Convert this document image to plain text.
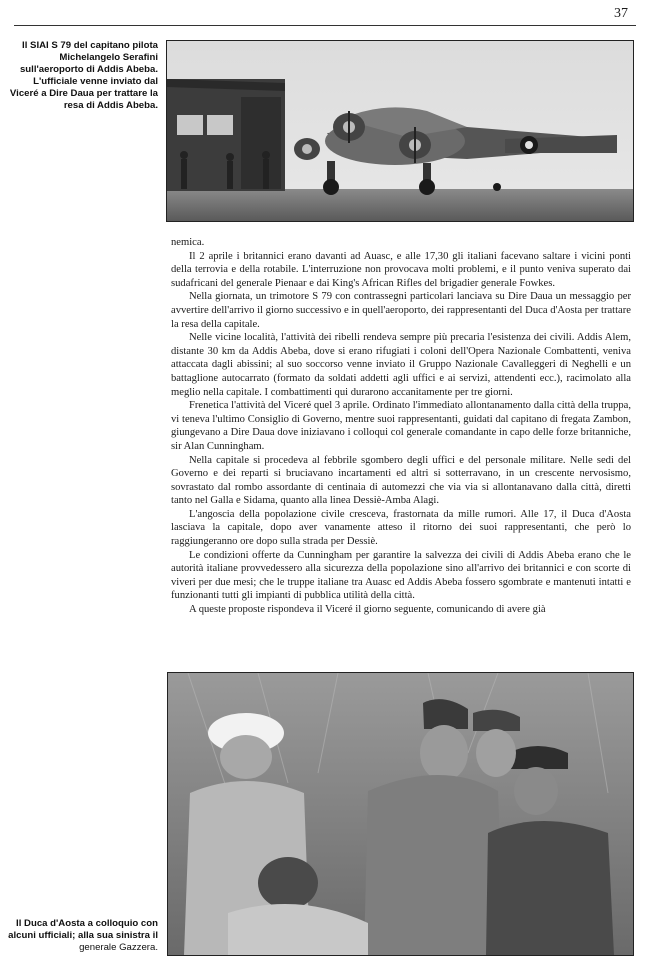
37
Il SIAI S 79 del capitano pilota Michelangelo Serafini sull'aeroporto di Addis Abeba. L'ufficiale venne inviato dal Viceré a Dire Daua per trattare la resa di Addis Abeba.

nemica.

Il 2 aprile i britannici erano davanti ad Auasc, e alle 17,30 gli italiani facevano saltare i vicini ponti della terrovia e della rotabile. L'interruzione non provocava molti problemi, e il punto veniva superato dai sudafricani del generale Pienaar e dai King's African Rifles del brigadier generale Fowkes.

Nella giornata, un trimotore S 79 con contrassegni particolari lanciava su Dire Daua un messaggio per avvertire dell'arrivo il giorno successivo e in quell'aeroporto, dei rappresentanti del Duca d'Aosta per trattare la resa della capitale.

Nelle vicine località, l'attività dei ribelli rendeva sempre più precaria l'esistenza dei civili. Addis Alem, distante 30 km da Addis Abeba, dove si erano rifugiati i coloni dell'Opera Nazionale Combattenti, veniva attaccata dagli abissini; al suo soccorso venne inviato il Gruppo Nazionale Cavalleggeri di Neghelli e un battaglione autocarrato (formato da soldati addetti agli uffici e ai servizi, attendenti ecc.), racimolato alla meglio nella capitale. I combattimenti qui durarono accanitamente per tre giorni.

Frenetica l'attività del Viceré quel 3 aprile. Ordinato l'immediato allontanamento dalla città della truppa, vi teneva l'ultimo Consiglio di Governo, mentre suoi rappresentanti, guidati dal capitano di fregata Zambon, giungevano a Dire Daua dove iniziavano i colloqui col generale comandante in capo delle forze britanniche, sir Alan Cunningham.

Nella capitale si procedeva al febbrile sgombero degli uffici e del personale militare. Nelle sedi del Governo e dei reparti si bruciavano incartamenti ed altri si sotterravano, in un crescente nervosismo, sovrastato dal rombo assordante di centinaia di automezzi che via via si allontanavano dalla città, diretti tanto nel Galla e Sidama, quanto alla linea Dessiè-Amba Alagi.

L'angoscia della popolazione civile cresceva, frastornata da mille rumori. Alle 17, il Duca d'Aosta lasciava la capitale, dopo aver vanamente atteso il ritorno dei suoi rappresentanti, che però lo raggiungeranno ore dopo sulla strada per Dessiè.

Le condizioni offerte da Cunningham per garantire la salvezza dei civili di Addis Abeba erano che le autorità italiane provvedessero alla sicurezza della popolazione sino all'arrivo dei britannici e con scorte di viveri per due mesi; che le truppe italiane tra Auasc ed Addis Abeba fossero sgombrate e mantenuti intatti e funzionanti tutti gli impianti di pubblica utilità della città.

A queste proposte rispondeva il Viceré il giorno seguente, comunicando di avere già

Il Duca d'Aosta a colloquio con alcuni ufficiali; alla sua sinistra il
generale Gazzera.
